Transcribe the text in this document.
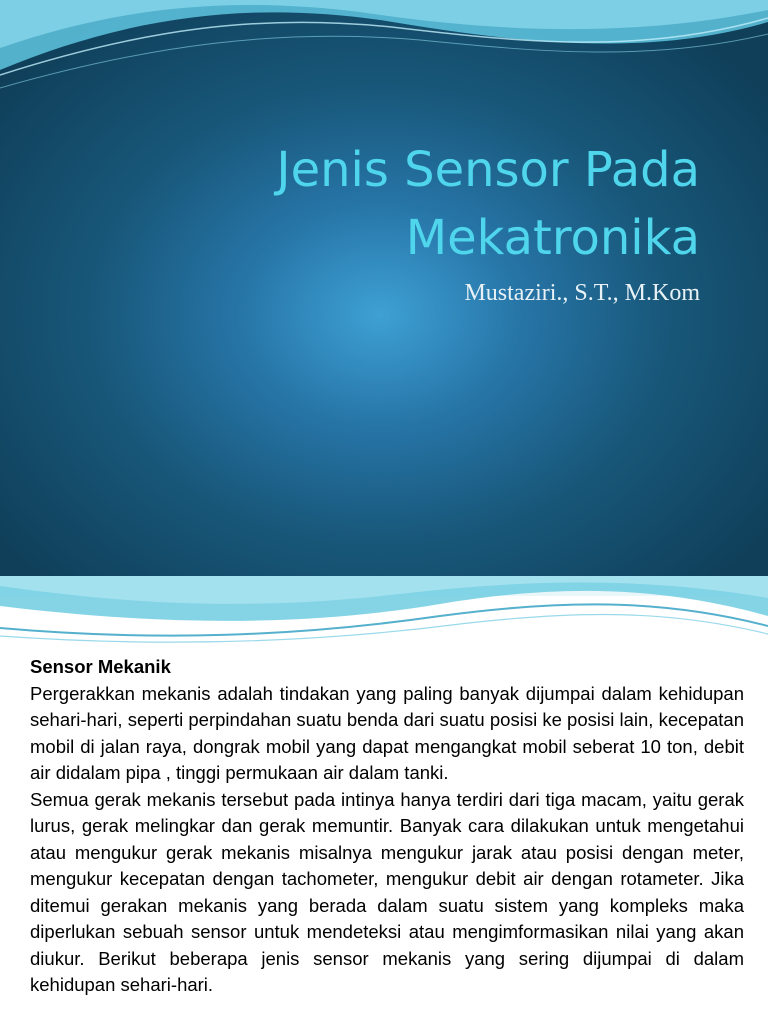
Jenis Sensor Pada Mekatronika
Mustaziri., S.T., M.Kom
Sensor Mekanik

Pergerakkan mekanis adalah tindakan yang paling banyak dijumpai dalam kehidupan sehari-hari, seperti perpindahan suatu benda dari suatu posisi ke posisi lain, kecepatan mobil di jalan raya, dongrak mobil yang dapat mengangkat mobil seberat 10 ton, debit air didalam pipa , tinggi permukaan air dalam tanki.

Semua gerak mekanis tersebut pada intinya hanya terdiri dari tiga macam, yaitu gerak lurus, gerak melingkar dan gerak memuntir. Banyak cara dilakukan untuk mengetahui atau mengukur gerak mekanis misalnya mengukur jarak atau posisi dengan meter, mengukur kecepatan dengan tachometer, mengukur debit air dengan rotameter. Jika ditemui gerakan mekanis yang berada dalam suatu sistem yang kompleks maka diperlukan sebuah sensor untuk mendeteksi atau mengimformasikan nilai yang akan diukur. Berikut beberapa jenis sensor mekanis yang sering dijumpai di dalam kehidupan sehari-hari.
